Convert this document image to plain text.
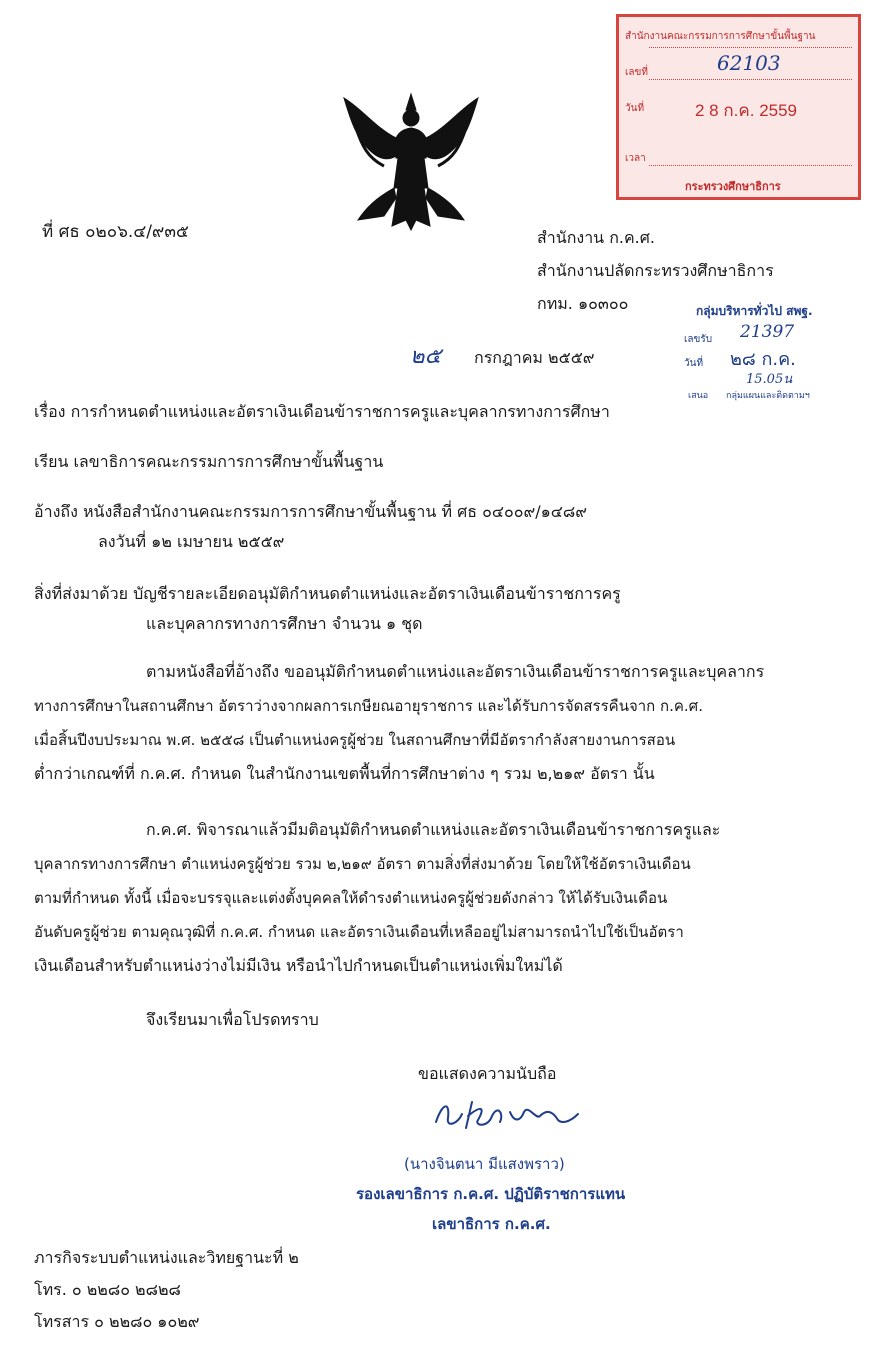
สำนักงานคณะกรรมการการศึกษาขั้นพื้นฐาน
เลขที่	62103
วันที่	2 8 ก.ค. 2559
เวลา
กระทรวงศึกษาธิการ
ที่ ศธ ๐๒๐๖.๔/๙๓๕	สำนักงาน ก.ค.ศ.
สำนักงานปลัดกระทรวงศึกษาธิการ
กทม. ๑๐๓๐๐	กลุ่มบริหารทั่วไป สพฐ.
เลขรับ 21397
วันที่ ๒๘ ก.ค.
15.05น
เสนอ กลุ่มแผนและติดตามฯ
๒๕ กรกฎาคม ๒๕๕๙
เรื่อง การกำหนดตำแหน่งและอัตราเงินเดือนข้าราชการครูและบุคลากรทางการศึกษา
เรียน เลขาธิการคณะกรรมการการศึกษาขั้นพื้นฐาน
อ้างถึง หนังสือสำนักงานคณะกรรมการการศึกษาขั้นพื้นฐาน ที่ ศธ ๐๔๐๐๙/๑๔๘๙
ลงวันที่ ๑๒ เมษายน ๒๕๕๙
สิ่งที่ส่งมาด้วย บัญชีรายละเอียดอนุมัติกำหนดตำแหน่งและอัตราเงินเดือนข้าราชการครู
และบุคลากรทางการศึกษา จำนวน ๑ ชุด
ตามหนังสือที่อ้างถึง ขออนุมัติกำหนดตำแหน่งและอัตราเงินเดือนข้าราชการครูและบุคลากร
ทางการศึกษาในสถานศึกษา อัตราว่างจากผลการเกษียณอายุราชการ และได้รับการจัดสรรคืนจาก ก.ค.ศ.
เมื่อสิ้นปีงบประมาณ พ.ศ. ๒๕๕๘ เป็นตำแหน่งครูผู้ช่วย ในสถานศึกษาที่มีอัตรากำลังสายงานการสอน
ต่ำกว่าเกณฑ์ที่ ก.ค.ศ. กำหนด ในสำนักงานเขตพื้นที่การศึกษาต่าง ๆ รวม ๒,๒๑๙ อัตรา นั้น
ก.ค.ศ. พิจารณาแล้วมีมติอนุมัติกำหนดตำแหน่งและอัตราเงินเดือนข้าราชการครูและ
บุคลากรทางการศึกษา ตำแหน่งครูผู้ช่วย รวม ๒,๒๑๙ อัตรา ตามสิ่งที่ส่งมาด้วย โดยให้ใช้อัตราเงินเดือน
ตามที่กำหนด ทั้งนี้ เมื่อจะบรรจุและแต่งตั้งบุคคลให้ดำรงตำแหน่งครูผู้ช่วยดังกล่าว ให้ได้รับเงินเดือน
อันดับครูผู้ช่วย ตามคุณวุฒิที่ ก.ค.ศ. กำหนด และอัตราเงินเดือนที่เหลืออยู่ไม่สามารถนำไปใช้เป็นอัตรา
เงินเดือนสำหรับตำแหน่งว่างไม่มีเงิน หรือนำไปกำหนดเป็นตำแหน่งเพิ่มใหม่ได้
จึงเรียนมาเพื่อโปรดทราบ
ขอแสดงความนับถือ
(นางจินตนา มีแสงพราว)
รองเลขาธิการ ก.ค.ศ. ปฏิบัติราชการแทน
เลขาธิการ ก.ค.ศ.
ภารกิจระบบตำแหน่งและวิทยฐานะที่ ๒
โทร. ๐ ๒๒๘๐ ๒๘๒๘
โทรสาร ๐ ๒๒๘๐ ๑๐๒๙
